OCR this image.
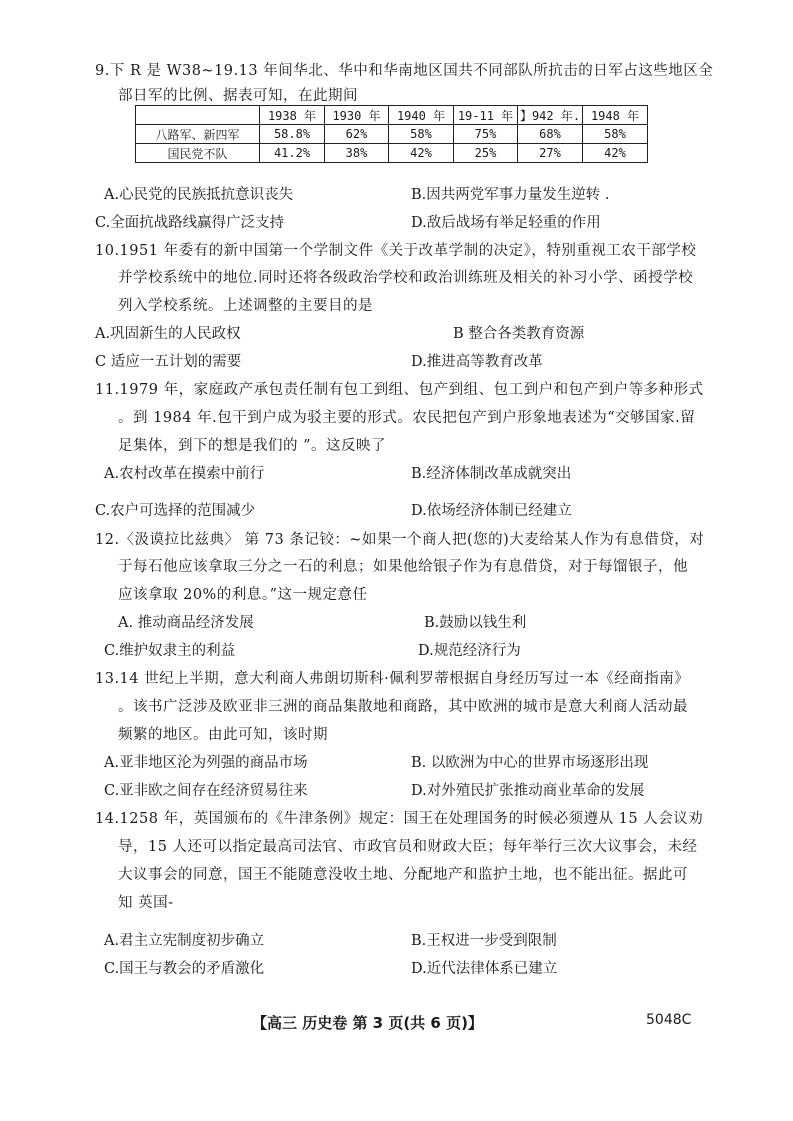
9.下 R 是 W38~19.13 年间华北、华中和华南地区国共不同部队所抗击的日军占这些地区全
部日军的比例、据表可知，在此期间
	1938 年	1930 年	1940 年	19-11 年	】942 年.	1948 年
八路军、新四军	58.8%	62%	58%	75%	68%	58%
国民党不队	41.2%	38%	42%	25%	27%	42%
A.心民党的民族抵抗意识丧失	B.因共两党军事力量发生逆转 .
C.全面抗战路线赢得广泛支持	D.敌后战场有举足轻重的作用
10.1951 年委有的新中国第一个学制文件《关于改革学制的决定》，特别重视工农干部学校
并学校系统中的地位.同时还将各级政治学校和政治训练班及相关的补习小学、函授学校
列入学校系统。上述调整的主要目的是
A.巩固新生的人民政权	B 整合各类教育资源
C 适应一五计划的需要	D.推进高等教育改革
11.1979 年，家庭政产承包责任制有包工到组、包产到组、包工到户和包产到户等多种形式
。到 1984 年.包干到户成为驳主要的形式。农民把包产到户形象地表述为“交够国家.留
足集体，到下的想是我们的 ”。这反映了
A.农村改革在摸索中前行	B.经济体制改革成就突出
C.农户可选择的范围减少	D.依场经济体制已经建立
12.〈汲谟拉比兹典〉 第 73 条记铰：~如果一个商人把(您的)大麦给某人作为有息借贷，对
于每石他应该拿取三分之一石的利息；如果他给银子作为有息借贷，对于每馏银子，他
应该拿取 20%的利息。”这一规定意任
A. 推动商品经济发展	B.鼓励以钱生利
C.维护奴隶主的利益	D.规范经济行为
13.14 世纪上半期，意大利商人弗朗切斯科·佩利罗蒂根据自身经历写过一本《经商指南》
。该书广泛涉及欧亚非三洲的商品集散地和商路，其中欧洲的城市是意大利商人活动最
频繁的地区。由此可知，该时期
A.亚非地区沦为列强的商品市场	B. 以欧洲为中心的世界市场逐形出现
C.亚非欧之间存在经济贸易往来	D.对外殖民扩张推动商业革命的发展
14.1258 年，英国颁布的《牛津条例》规定：国王在处理国务的时候必须遵从 15 人会议劝
导，15 人还可以指定最高司法官、市政官员和财政大臣；每年举行三次大议事会，未经
大议事会的同意，国王不能随意没收土地、分配地产和监护土地，也不能出征。据此可
知 英国-
A.君主立宪制度初步确立	B.王权进一步受到限制
C.国王与教会的矛盾激化	D.近代法律体系已建立
【高三 历史卷 第 3 页(共 6 页)】	5048C
